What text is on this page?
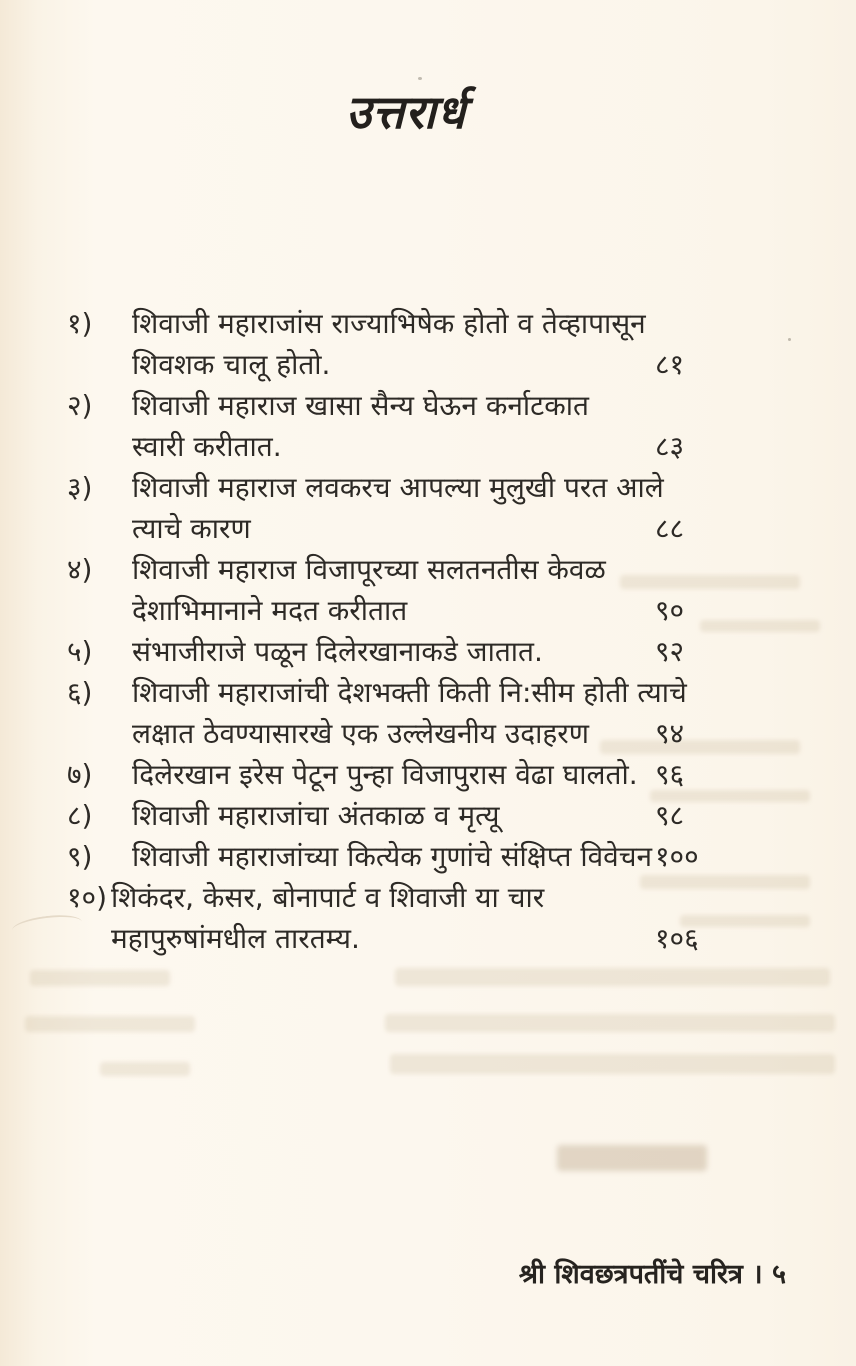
उत्तरार्ध
१) शिवाजी महाराजांस राज्याभिषेक होतो व तेव्हापासून
शिवशक चालू होतो.	८१
२) शिवाजी महाराज खासा सैन्य घेऊन कर्नाटकात
स्वारी करीतात.	८३
३) शिवाजी महाराज लवकरच आपल्या मुलुखी परत आले
त्याचे कारण	८८
४) शिवाजी महाराज विजापूरच्या सलतनतीस केवळ
देशाभिमानाने मदत करीतात	९०
५) संभाजीराजे पळून दिलेरखानाकडे जातात.	९२
६) शिवाजी महाराजांची देशभक्ती किती नि:सीम होती त्याचे
लक्षात ठेवण्यासारखे एक उल्लेखनीय उदाहरण	९४
७) दिलेरखान इरेस पेटून पुन्हा विजापुरास वेढा घालतो. ९६
८) शिवाजी महाराजांचा अंतकाळ व मृत्यू	९८
९) शिवाजी महाराजांच्या कित्येक गुणांचे संक्षिप्त विवेचन १००
१०) शिकंदर, केसर, बोनापार्ट व शिवाजी या चार
महापुरुषांमधील तारतम्य.	१०६
श्री शिवछत्रपतींचे चरित्र । ५
